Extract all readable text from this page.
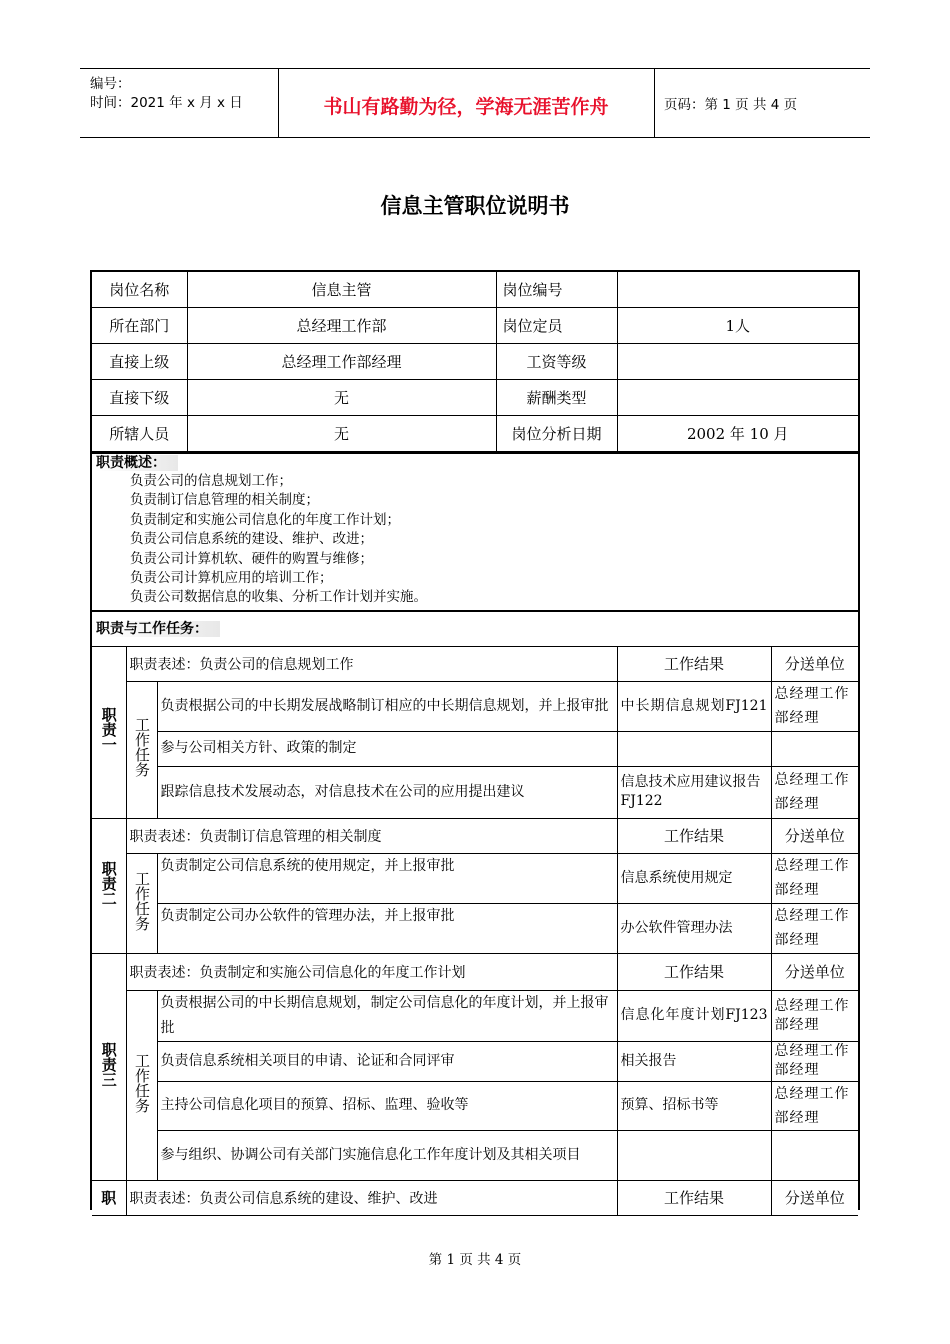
编号：
时间：2021 年 x 月 x 日	书山有路勤为径，学海无涯苦作舟	页码：第 1 页 共 4 页
信息主管职位说明书
岗位名称	信息主管	岗位编号	
所在部门	总经理工作部	岗位定员	1人
直接上级	总经理工作部经理	工资等级	
直接下级	无	薪酬类型	
所辖人员	无	岗位分析日期	2002 年 10 月
职责概述：
负责公司的信息规划工作；
负责制订信息管理的相关制度；
负责制定和实施公司信息化的年度工作计划；
负责公司信息系统的建设、维护、改进；
负责公司计算机软、硬件的购置与维修；
负责公司计算机应用的培训工作；
负责公司数据信息的收集、分析工作计划并实施。
职责与工作任务：
职责一	职责表述：负责公司的信息规划工作		工作结果	分送单位
	工作任务	负责根据公司的中长期发展战略制订相应的中长期信息规划，并上报审批	中长期信息规划FJ121	总经理工作部经理
		参与公司相关方针、政策的制定		
		跟踪信息技术发展动态，对信息技术在公司的应用提出建议	信息技术应用建议报告 FJ122	总经理工作部经理
职责二	职责表述：负责制订信息管理的相关制度		工作结果	分送单位
	工作任务	负责制定公司信息系统的使用规定，并上报审批	信息系统使用规定	总经理工作部经理
		负责制定公司办公软件的管理办法，并上报审批	办公软件管理办法	总经理工作部经理
职责三	职责表述：负责制定和实施公司信息化的年度工作计划		工作结果	分送单位
	工作任务	负责根据公司的中长期信息规划，制定公司信息化的年度计划，并上报审批	信息化年度计划FJ123	总经理工作部经理
		负责信息系统相关项目的申请、论证和合同评审	相关报告	总经理工作部经理
		主持公司信息化项目的预算、招标、监理、验收等	预算、招标书等	总经理工作部经理
		参与组织、协调公司有关部门实施信息化工作年度计划及其相关项目		
职	职责表述：负责公司信息系统的建设、维护、改进		工作结果	分送单位
第 1 页 共 4 页
